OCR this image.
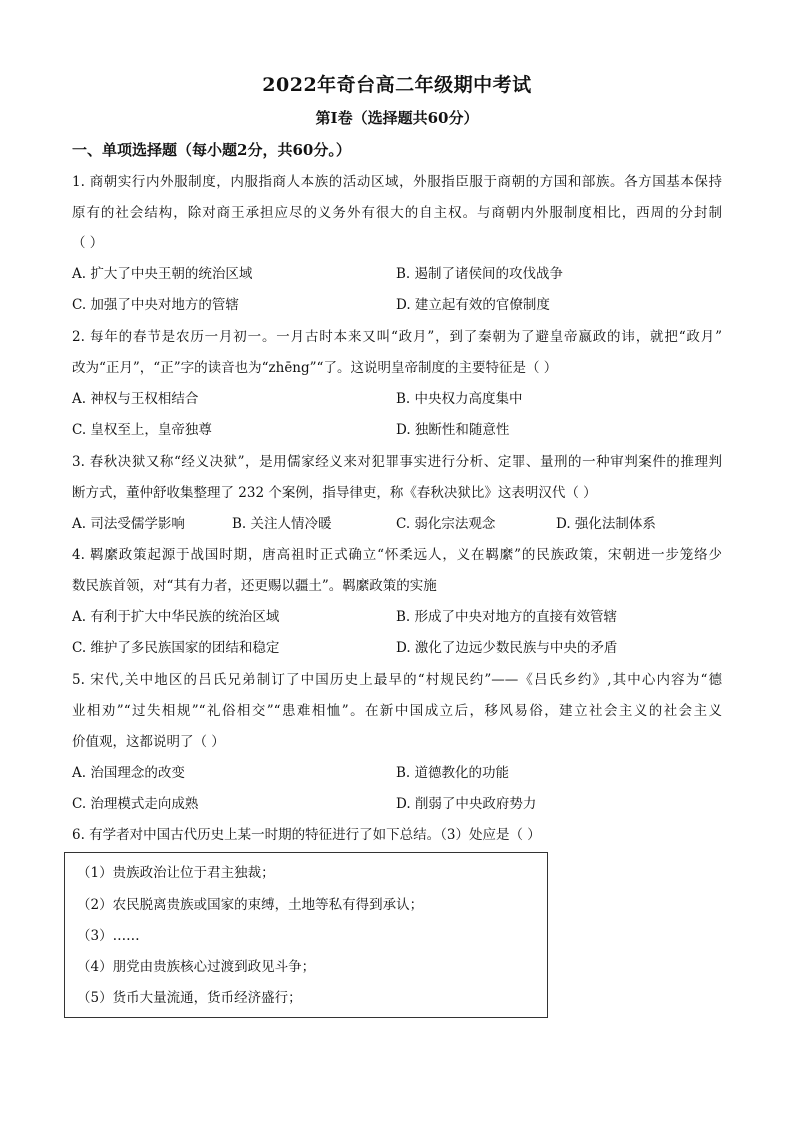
2022年奇台高二年级期中考试
第Ⅰ卷（选择题共60分）
一、单项选择题（每小题2分，共60分。）
1. 商朝实行内外服制度，内服指商人本族的活动区域，外服指臣服于商朝的方国和部族。各方国基本保持
原有的社会结构，除对商王承担应尽的义务外有很大的自主权。与商朝内外服制度相比，西周的分封制
（ ）
A. 扩大了中央王朝的统治区域	B. 遏制了诸侯间的攻伐战争
C. 加强了中央对地方的管辖	D. 建立起有效的官僚制度
2. 每年的春节是农历一月初一。一月古时本来又叫“政月”，到了秦朝为了避皇帝嬴政的讳，就把“政月”
改为“正月”，“正”字的读音也为“zhēng”“了。这说明皇帝制度的主要特征是（ ）
A. 神权与王权相结合	B. 中央权力高度集中
C. 皇权至上，皇帝独尊	D. 独断性和随意性
3. 春秋决狱又称“经义决狱”，是用儒家经义来对犯罪事实进行分析、定罪、量刑的一种审判案件的推理判
断方式，董仲舒收集整理了 232 个案例，指导律吏，称《春秋决狱比》这表明汉代（ ）
A. 司法受儒学影响	B. 关注人情冷暖	C. 弱化宗法观念	D. 强化法制体系
4. 羁縻政策起源于战国时期，唐高祖时正式确立“怀柔远人，义在羁縻”的民族政策，宋朝进一步笼络少
数民族首领，对“其有力者，还更赐以疆土”。羁縻政策的实施
A. 有利于扩大中华民族的统治区域	B. 形成了中央对地方的直接有效管辖
C. 维护了多民族国家的团结和稳定	D. 激化了边远少数民族与中央的矛盾
5. 宋代,关中地区的吕氏兄弟制订了中国历史上最早的“村规民约”——《吕氏乡约》,其中心内容为“德
业相劝”“过失相规”“礼俗相交”“患难相恤”。在新中国成立后，移风易俗，建立社会主义的社会主义
价值观，这都说明了（ ）
A. 治国理念的改变	B. 道德教化的功能
C. 治理模式走向成熟	D. 削弱了中央政府势力
6. 有学者对中国古代历史上某一时期的特征进行了如下总结。（3）处应是（ ）
（1）贵族政治让位于君主独裁；
（2）农民脱离贵族或国家的束缚，土地等私有得到承认；
（3）……
（4）朋党由贵族核心过渡到政见斗争；
（5）货币大量流通，货币经济盛行；
